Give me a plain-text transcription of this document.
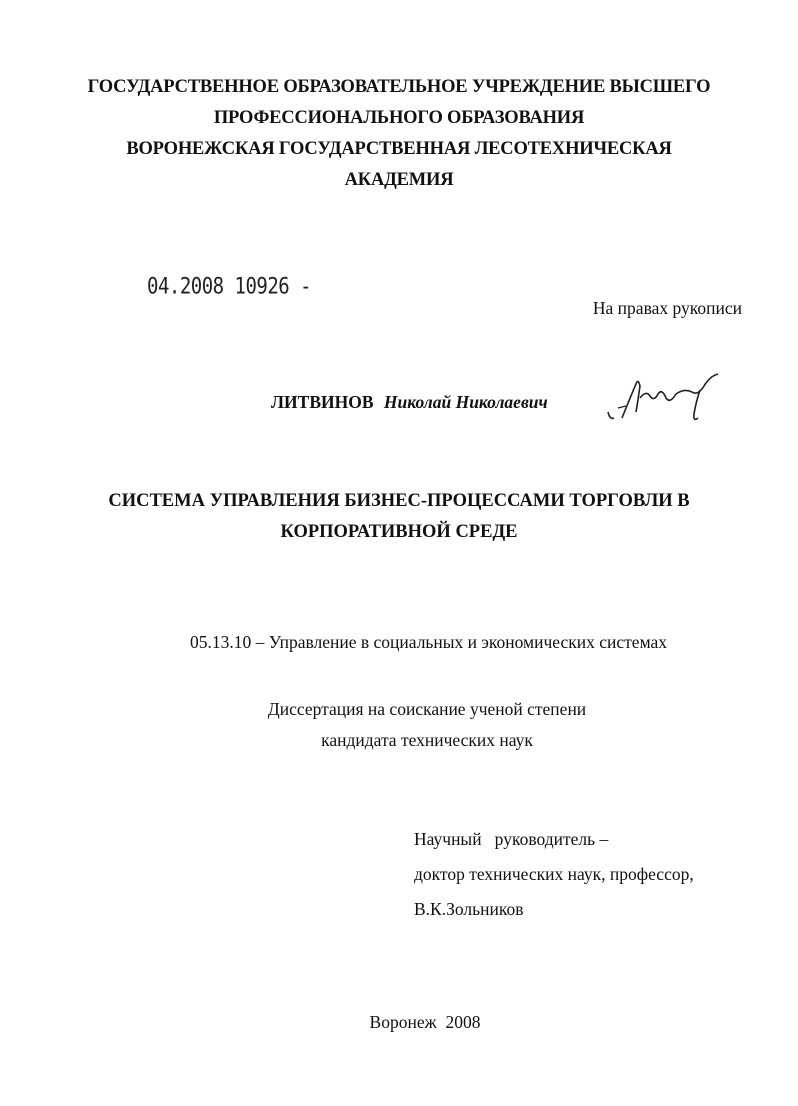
ГОСУДАРСТВЕННОЕ ОБРАЗОВАТЕЛЬНОЕ УЧРЕЖДЕНИЕ ВЫСШЕГО
ПРОФЕССИОНАЛЬНОГО ОБРАЗОВАНИЯ
ВОРОНЕЖСКАЯ ГОСУДАРСТВЕННАЯ ЛЕСОТЕХНИЧЕСКАЯ
АКАДЕМИЯ
04.2008 10926 -
На правах рукописи
ЛИТВИНОВ Николай Николаевич
СИСТЕМА УПРАВЛЕНИЯ БИЗНЕС-ПРОЦЕССАМИ ТОРГОВЛИ В
КОРПОРАТИВНОЙ СРЕДЕ
05.13.10 – Управление в социальных и экономических системах
Диссертация на соискание ученой степени
кандидата технических наук
Научный   руководитель –
доктор технических наук, профессор,
В.К.Зольников
Воронеж  2008
